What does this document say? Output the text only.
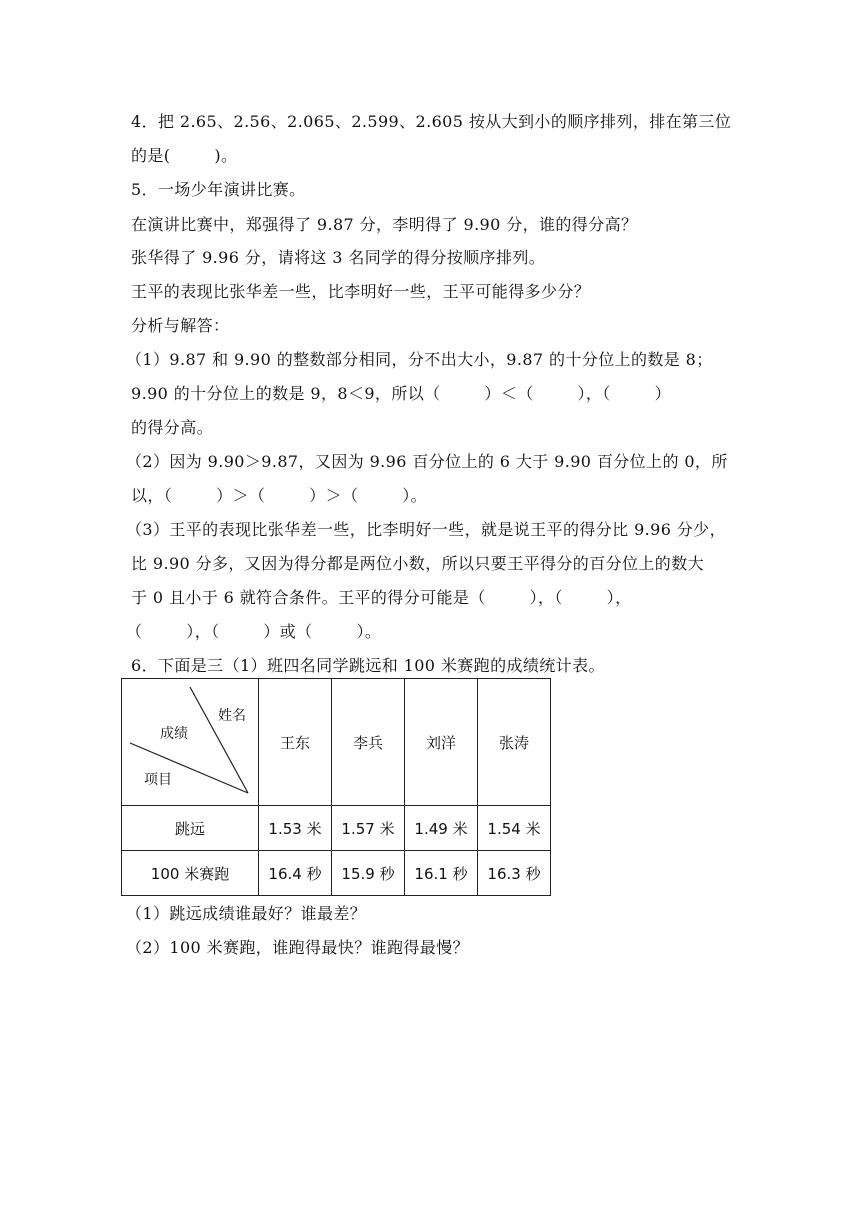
4．把 2.65、2.56、2.065、2.599、2.605 按从大到小的顺序排列，排在第三位
的是(        )。
5．一场少年演讲比赛。
在演讲比赛中，郑强得了 9.87 分，李明得了 9.90 分，谁的得分高？
张华得了 9.96 分，请将这 3 名同学的得分按顺序排列。
王平的表现比张华差一些，比李明好一些，王平可能得多少分？
分析与解答：
（1）9.87 和 9.90 的整数部分相同，分不出大小，9.87 的十分位上的数是 8；
9.90 的十分位上的数是 9，8＜9，所以（        ）＜（        ），（        ）
的得分高。
（2）因为 9.90＞9.87，又因为 9.96 百分位上的 6 大于 9.90 百分位上的 0，所
以，（        ）＞（        ）＞（        ）。
（3）王平的表现比张华差一些，比李明好一些，就是说王平的得分比 9.96 分少，
比 9.90 分多，又因为得分都是两位小数，所以只要王平得分的百分位上的数大
于 0 且小于 6 就符合条件。王平的得分可能是（        ），（        ），
（        ），（        ）或（        ）。
6．下面是三（1）班四名同学跳远和 100 米赛跑的成绩统计表。
姓名
成绩
项目	王东	李兵	刘洋	张涛
跳远	1.53 米	1.57 米	1.49 米	1.54 米
100 米赛跑	16.4 秒	15.9 秒	16.1 秒	16.3 秒
（1）跳远成绩谁最好？谁最差？
（2）100 米赛跑，谁跑得最快？谁跑得最慢？
